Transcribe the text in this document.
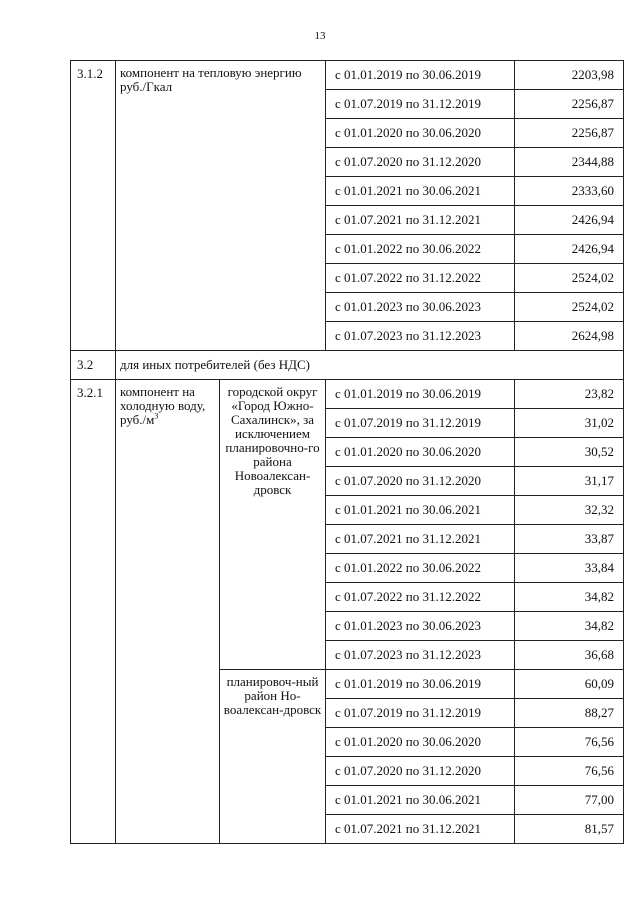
13
3.1.2	компонент на тепловую энергию руб./Гкал		с 01.01.2019 по 30.06.2019	2203,98
			с 01.07.2019 по 31.12.2019	2256,87
			с 01.01.2020 по 30.06.2020	2256,87
			с 01.07.2020 по 31.12.2020	2344,88
			с 01.01.2021 по 30.06.2021	2333,60
			с 01.07.2021 по 31.12.2021	2426,94
			с 01.01.2022 по 30.06.2022	2426,94
			с 01.07.2022 по 31.12.2022	2524,02
			с 01.01.2023 по 30.06.2023	2524,02
			с 01.07.2023 по 31.12.2023	2624,98
3.2	для иных потребителей (без НДС)			
3.2.1	компонент на холодную воду, $руб./м^3$	городской округ «Город Южно-Сахалинск», за исключением планировочно-го района Новоалексан-дровск	с 01.01.2019 по 30.06.2019	23,82
			с 01.07.2019 по 31.12.2019	31,02
			с 01.01.2020 по 30.06.2020	30,52
			с 01.07.2020 по 31.12.2020	31,17
			с 01.01.2021 по 30.06.2021	32,32
			с 01.07.2021 по 31.12.2021	33,87
			с 01.01.2022 по 30.06.2022	33,84
			с 01.07.2022 по 31.12.2022	34,82
			с 01.01.2023 по 30.06.2023	34,82
			с 01.07.2023 по 31.12.2023	36,68
		планировоч-ный район Но-воалексан-дровск	с 01.01.2019 по 30.06.2019	60,09
			с 01.07.2019 по 31.12.2019	88,27
			с 01.01.2020 по 30.06.2020	76,56
			с 01.07.2020 по 31.12.2020	76,56
			с 01.01.2021 по 30.06.2021	77,00
			с 01.07.2021 по 31.12.2021	81,57
